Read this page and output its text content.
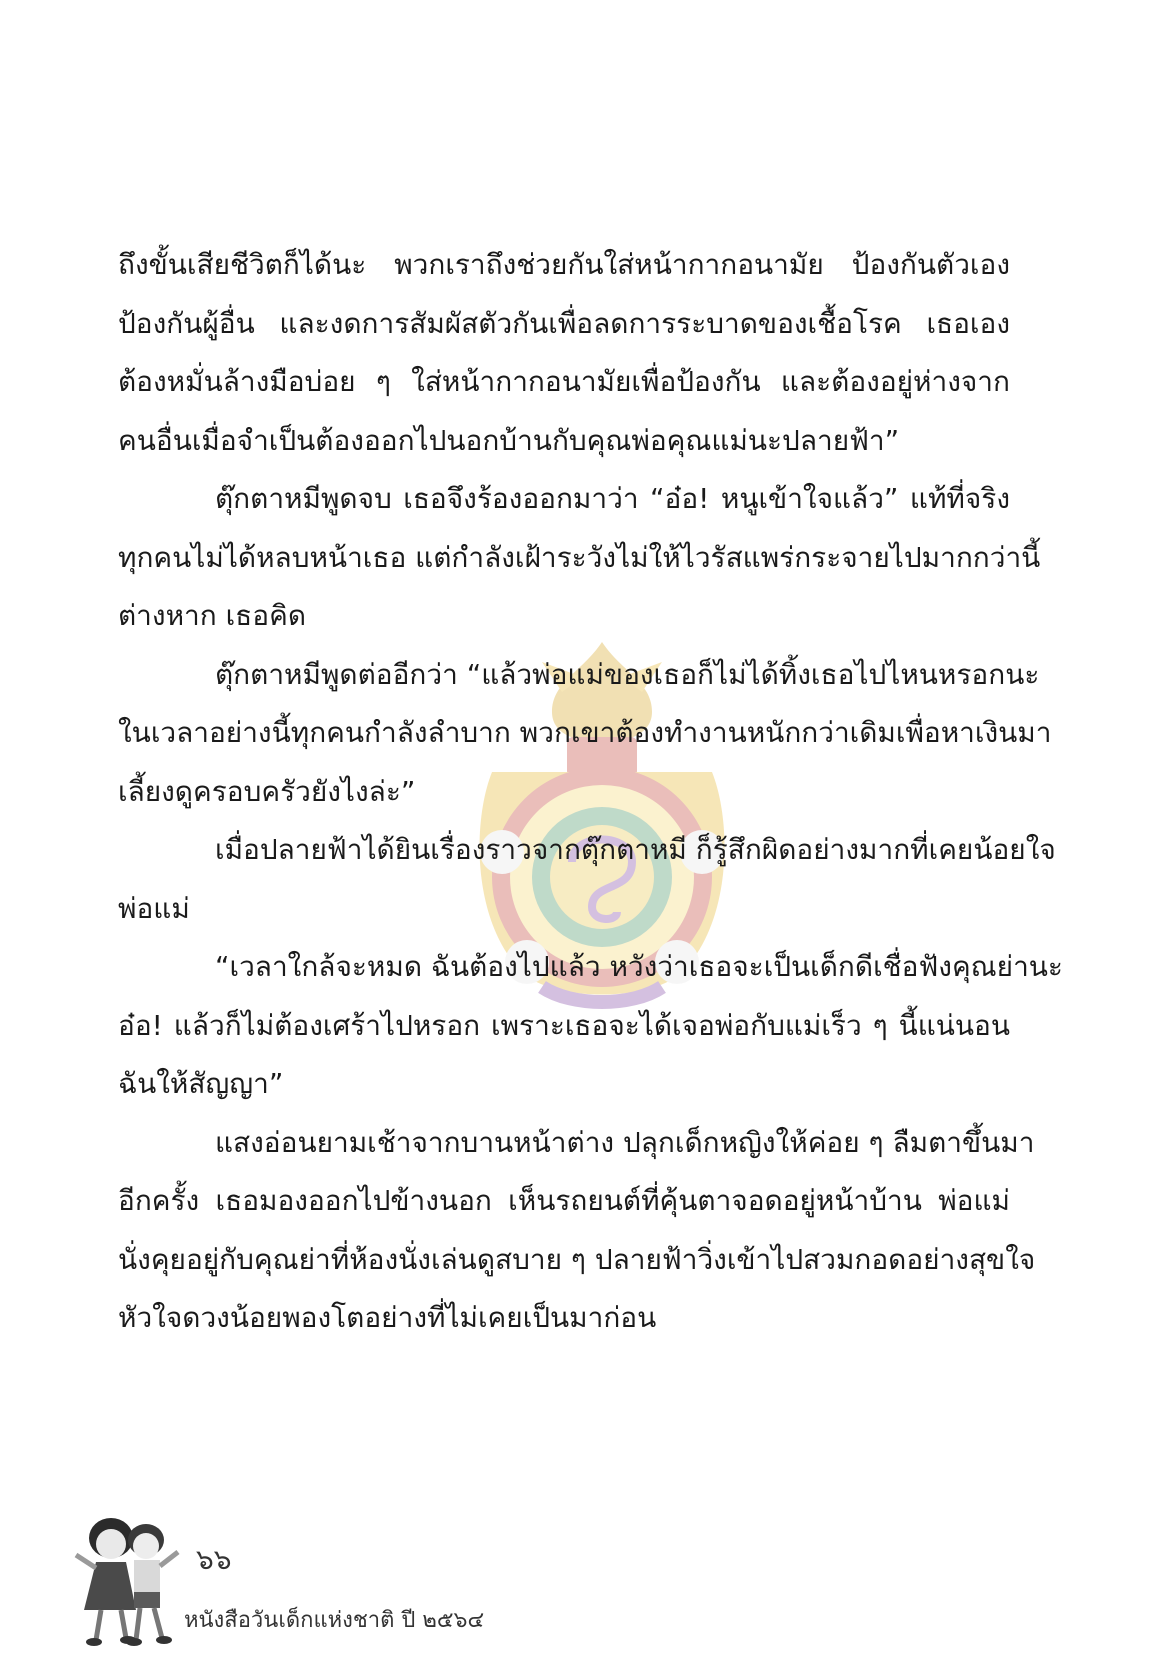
ถึงขั้นเสียชีวิตก็ได้นะ พวกเราถึงช่วยกันใส่หน้ากากอนามัย ป้องกันตัวเอง
ป้องกันผู้อื่น และงดการสัมผัสตัวกันเพื่อลดการระบาดของเชื้อโรค เธอเอง
ต้องหมั่นล้างมือบ่อย ๆ ใส่หน้ากากอนามัยเพื่อป้องกัน และต้องอยู่ห่างจาก
คนอื่นเมื่อจำเป็นต้องออกไปนอกบ้านกับคุณพ่อคุณแม่นะปลายฟ้า”
ตุ๊กตาหมีพูดจบ เธอจึงร้องออกมาว่า “อ๋อ! หนูเข้าใจแล้ว” แท้ที่จริง
ทุกคนไม่ได้หลบหน้าเธอ แต่กำลังเฝ้าระวังไม่ให้ไวรัสแพร่กระจายไปมากกว่านี้
ต่างหาก เธอคิด
ตุ๊กตาหมีพูดต่ออีกว่า “แล้วพ่อแม่ของเธอก็ไม่ได้ทิ้งเธอไปไหนหรอกนะ
ในเวลาอย่างนี้ทุกคนกำลังลำบาก พวกเขาต้องทำงานหนักกว่าเดิมเพื่อหาเงินมา
เลี้ยงดูครอบครัวยังไงล่ะ”
เมื่อปลายฟ้าได้ยินเรื่องราวจากตุ๊กตาหมี ก็รู้สึกผิดอย่างมากที่เคยน้อยใจ
พ่อแม่
“เวลาใกล้จะหมด ฉันต้องไปแล้ว หวังว่าเธอจะเป็นเด็กดีเชื่อฟังคุณย่านะ
อ๋อ! แล้วก็ไม่ต้องเศร้าไปหรอก เพราะเธอจะได้เจอพ่อกับแม่เร็ว ๆ นี้แน่นอน
ฉันให้สัญญา”
แสงอ่อนยามเช้าจากบานหน้าต่าง ปลุกเด็กหญิงให้ค่อย ๆ ลืมตาขึ้นมา
อีกครั้ง เธอมองออกไปข้างนอก เห็นรถยนต์ที่คุ้นตาจอดอยู่หน้าบ้าน พ่อแม่
นั่งคุยอยู่กับคุณย่าที่ห้องนั่งเล่นดูสบาย ๆ ปลายฟ้าวิ่งเข้าไปสวมกอดอย่างสุขใจ
หัวใจดวงน้อยพองโตอย่างที่ไม่เคยเป็นมาก่อน
๖๖
หนังสือวันเด็กแห่งชาติ ปี ๒๕๖๔
